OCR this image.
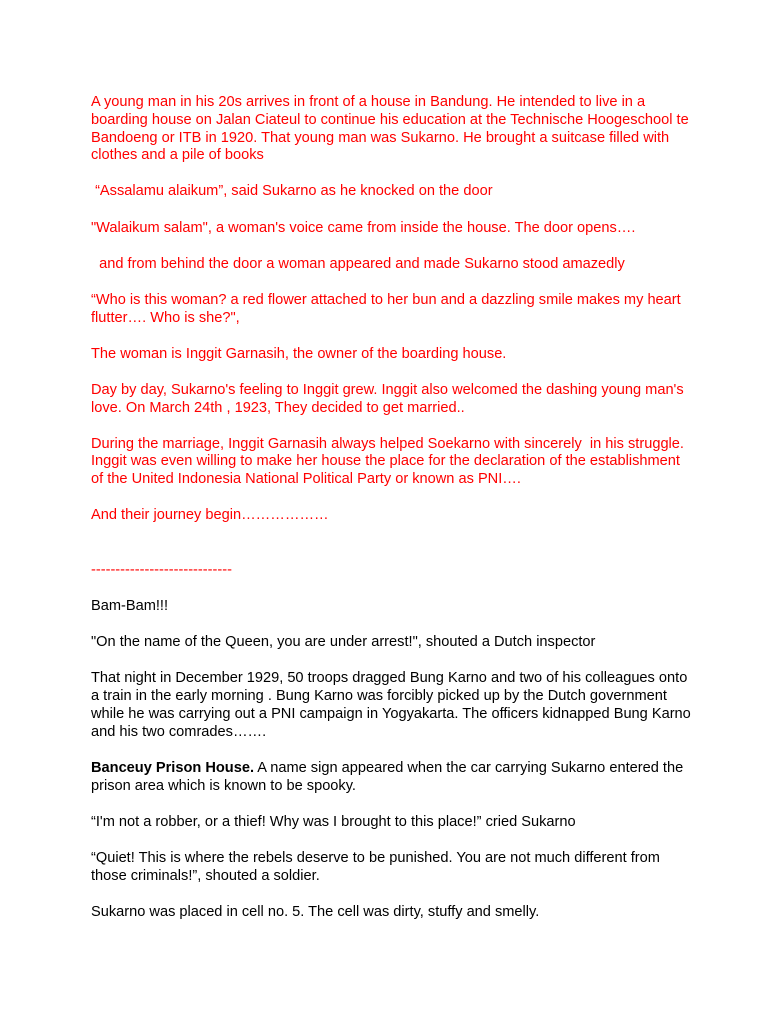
A young man in his 20s arrives in front of a house in Bandung. He intended to live in a boarding house on Jalan Ciateul to continue his education at the Technische Hoogeschool te Bandoeng or ITB in 1920. That young man was Sukarno. He brought a suitcase filled with clothes and a pile of books

“Assalamu alaikum”, said Sukarno as he knocked on the door

"Walaikum salam", a woman's voice came from inside the house. The door opens….

and from behind the door a woman appeared and made Sukarno stood amazedly

“Who is this woman? a red flower attached to her bun and a dazzling smile makes my heart flutter…. Who is she?",

The woman is Inggit Garnasih, the owner of the boarding house.

Day by day, Sukarno's feeling to Inggit grew. Inggit also welcomed the dashing young man's love. On March 24th , 1923, They decided to get married..

During the marriage, Inggit Garnasih always helped Soekarno with sincerely  in his struggle. Inggit was even willing to make her house the place for the declaration of the establishment of the United Indonesia National Political Party or known as PNI….

And their journey begin………………

-----------------------------

Bam-Bam!!!

"On the name of the Queen, you are under arrest!", shouted a Dutch inspector

That night in December 1929, 50 troops dragged Bung Karno and two of his colleagues onto a train in the early morning . Bung Karno was forcibly picked up by the Dutch government while he was carrying out a PNI campaign in Yogyakarta. The officers kidnapped Bung Karno and his two comrades…….

Banceuy Prison House. A name sign appeared when the car carrying Sukarno entered the prison area which is known to be spooky.

“I'm not a robber, or a thief! Why was I brought to this place!” cried Sukarno

“Quiet! This is where the rebels deserve to be punished. You are not much different from those criminals!”, shouted a soldier.

Sukarno was placed in cell no. 5. The cell was dirty, stuffy and smelly.
